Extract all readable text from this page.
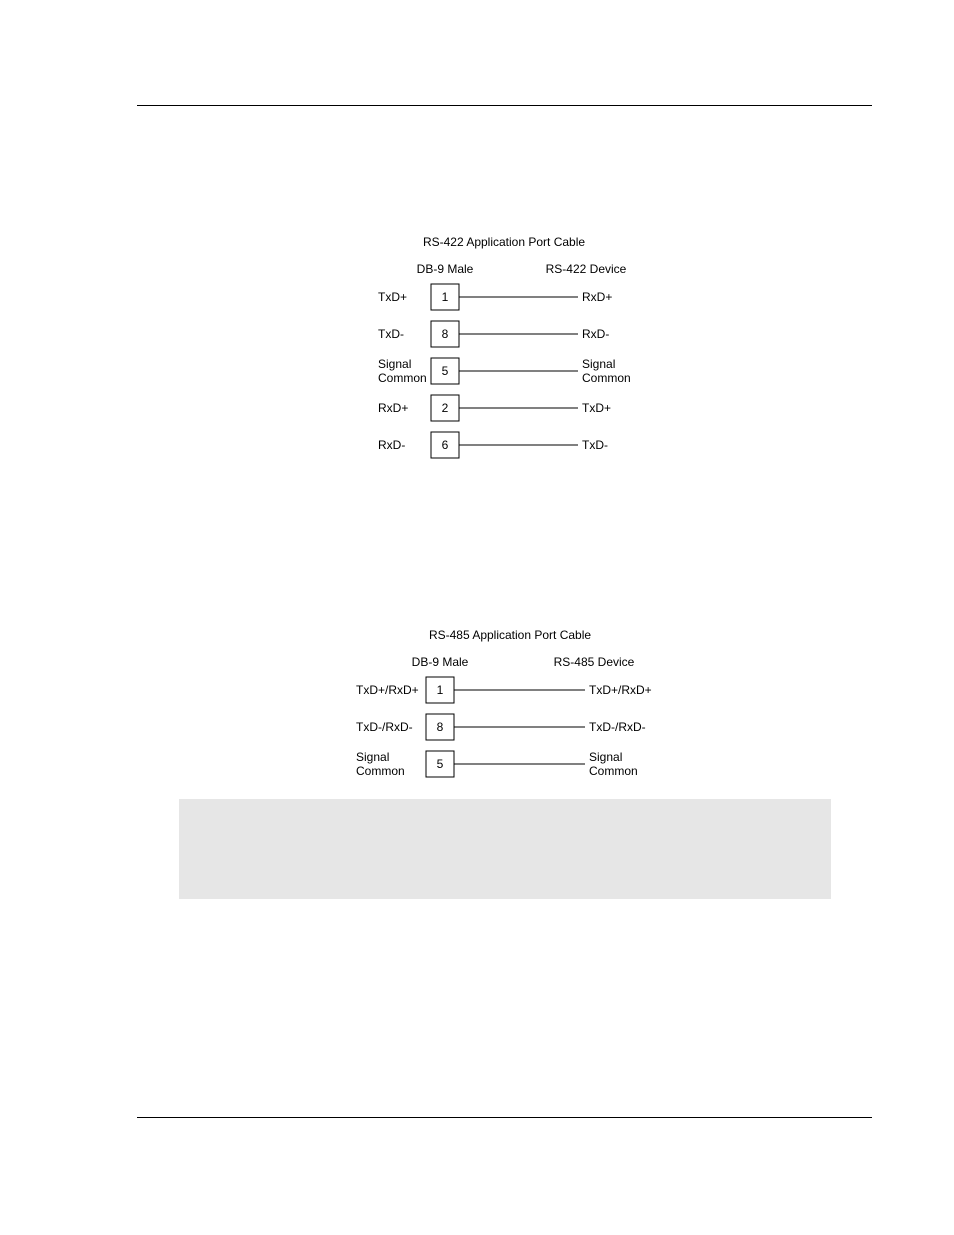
RS-422 Application Port Cable
DB-9 Male	RS-422 Device
TxD+	1	RxD+
TxD-	8	RxD-
Signal Common 5	Signal Common
RxD+	2	TxD+
RxD-	6	TxD-
RS-485 Application Port Cable
DB-9 Male	RS-485 Device
TxD+/RxD+ 1	TxD+/RxD+
TxD-/RxD- 8	TxD-/RxD-
Signal Common	5	Signal Common
